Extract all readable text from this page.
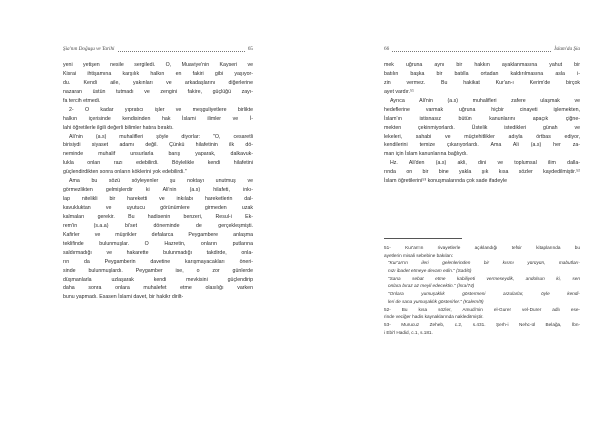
Şia'nın Doğuşu ve Tarihi	65
yeni yetişen nesile sergiledi. O, Muaviye'nin Kayseri ve
Kisrai ihtişamına karşılık halkın en fakiri gibi yaşıyor-
du. Kendi aile, yakınları ve arkadaşlarını diğerlerine
nazaran üstün tutmadı ve zengini fakire, güçlüğü zayı-
fa tercih etmedi.
2- O kadar yıpratıcı işler ve meşguliyetlere birlikte
halkın içerisinde kendisinden hak İslami ilimler ve İ-
lahi öğretilerle ilgili değerli bilimler hatıra bıraktı.
Ali'nin (a.s) muhalifleri şöyle diyorlar: "O, cesaretli
birisiydi siyaset adamı değil. Çünkü hilafetinin ilk dö-
neminde muhalif unsurlarla barış yaparak, dalkavuk-
lukla onları razı edebilirdi. Böylelikle kendi hilafetini
güçlendirdikten sonra onların köklerini yok edebilirdi."
Ama bu sözü söyleyenler şu noktayı unutmuş ve
görmezlikten gelmişlerdir ki Ali'nin (a.s) hilafeti, inkı-
lap nitelikli bir hareketti ve inkılabı hareketlerin dal-
kavukluktan ve uyutucu görünümlere girmeden uzak
kalmaları gerekir. Bu hadisenin benzeri, Resul-i Ek-
rem'in (s.a.a) bi'set döneminde de gerçekleşmişti.
Kafirler ve müşrikler defalarca Peygambere anlaşma
teklifinde bulunmuşlar. O Hazretin, onların putlarına
saldırmadığı ve hakarette bulunmadığı takdirde, onla-
rın da Peygamberin davetine karışmayacakları öneri-
sinde bulunmuşlardı. Peygamber ise, o zor günlerde
düşmanlarla uzlaşarak kendi mevkisini güçlendirip
daha sonra onlara muhalefet etme olasılığı varken
bunu yapmadı. Esasen İslami davet, bir hakikr dirilt-
66	İslam'da Şia
mek uğruna aynı bir hakkın ayaklanmasına yahut bir
batılın başka bir batılla ortadan kaldırılmasına asla i-
zin vermez. Bu hakikat Kur'an-ı Kerim'de birçok
ayet vardır.⁵¹
Ayrıca Ali'nin (a.s) muhalifleri zafere ulaşmak ve
hedeflerine varmak uğruna hiçbir cinayeti işlemekten,
İslam'ın istisnasız bütün kanunlarını apaçık çiğne-
mekten çekinmiyorlardı. Üstelik istedikleri günah ve
lekeleri, sahabi ve müçtehitlikler adıyla örtbas ediyor,
kendilerini temize çıkarıyorlardı. Ama Ali (a.s) her za-
man için İslam kanunlarına bağlıydı.
Hz. Ali'den (a.s) akli, dini ve toplumsal ilim dalla-
rında on bir bine yakla şık kısa sözler kaydedilmiştir.⁵²
İslam öğretilerini⁵³ konuşmalarında çok sade ifadeyle
51- Kur'an'ın rivayetlerle açıklandığı tefsir kitaplarında bu
ayetlerin misali sebebine bakılan:
"Kur'an'ın ileri gelenlerinden bir kısmı yürüyün, mabutları-
nızı ibadet etmeye devam edin." (Sad/6)
"Sana sebat etme kabiliyeti vermeseydik, andolsun ki, sen
onlara bıraz az meyil edecektin." (İsra/74)
"Onlara yumuşaklık göstermeni arzularlar, öyle kendi-
leri de sana yumuşaklık gösterirler." (Kalem/9)
52- Bu kısa sözler, Amudi'nin el-Gurer vel-Durer adlı ese-
rinde veciğer hadis kaynaklarında naklediImiştir.
53- Murucuz Zeheb, c.2, s.431. Şerh-i Nehc-ül Belağa, İbn-
i Ebi'l Hadid, c.1, s.181.
